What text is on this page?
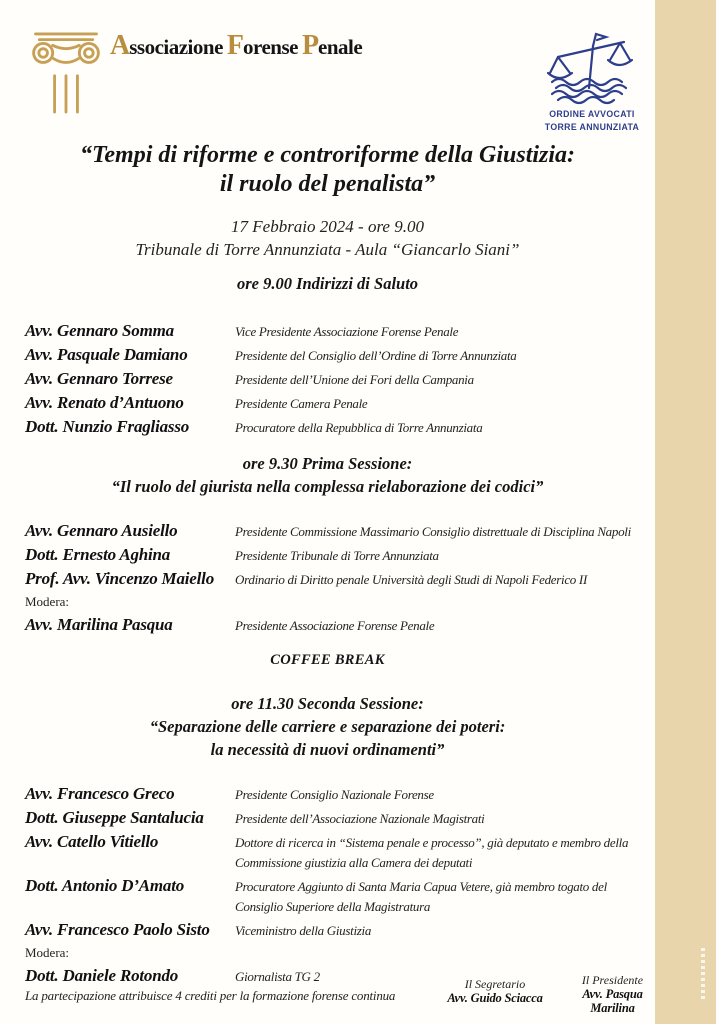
Associazione Forense Penale
ORDINE AVVOCATI
TORRE ANNUNZIATA
“Tempi di riforme e controriforme della Giustizia:
il ruolo del penalista”
17 Febbraio 2024 - ore 9.00
Tribunale di Torre Annunziata - Aula “Giancarlo Siani”
ore 9.00 Indirizzi di Saluto
Avv. Gennaro Somma	Vice Presidente Associazione Forense Penale
Avv. Pasquale Damiano	Presidente del Consiglio dell’Ordine di Torre Annunziata
Avv. Gennaro Torrese	Presidente dell’Unione dei Fori della Campania
Avv. Renato d’Antuono	Presidente Camera Penale
Dott. Nunzio Fragliasso	Procuratore della Repubblica di Torre Annunziata
ore 9.30 Prima Sessione:
“Il ruolo del giurista nella complessa rielaborazione dei codici”
Avv. Gennaro Ausiello	Presidente Commissione Massimario Consiglio distrettuale di Disciplina Napoli
Dott. Ernesto Aghina	Presidente Tribunale di Torre Annunziata
Prof. Avv. Vincenzo Maiello	Ordinario di Diritto penale Università degli Studi di Napoli Federico II
Modera:
Avv. Marilina Pasqua	Presidente Associazione Forense Penale
COFFEE BREAK
ore 11.30 Seconda Sessione:
“Separazione delle carriere e separazione dei poteri:
la necessità di nuovi ordinamenti”
Avv. Francesco Greco	Presidente Consiglio Nazionale Forense
Dott. Giuseppe Santalucia	Presidente dell’Associazione Nazionale Magistrati
Avv. Catello Vitiello	Dottore di ricerca in “Sistema penale e processo”, già deputato e membro della Commissione giustizia alla Camera dei deputati
Dott. Antonio D’Amato	Procuratore Aggiunto di Santa Maria Capua Vetere, già membro togato del Consiglio Superiore della Magistratura
Avv. Francesco Paolo Sisto	Viceministro della Giustizia
Modera:
Dott. Daniele Rotondo	Giornalista TG 2
La partecipazione attribuisce 4 crediti per la formazione forense continua
Il Segretario
Avv. Guido Sciacca
Il Presidente
Avv. Pasqua Marilina
